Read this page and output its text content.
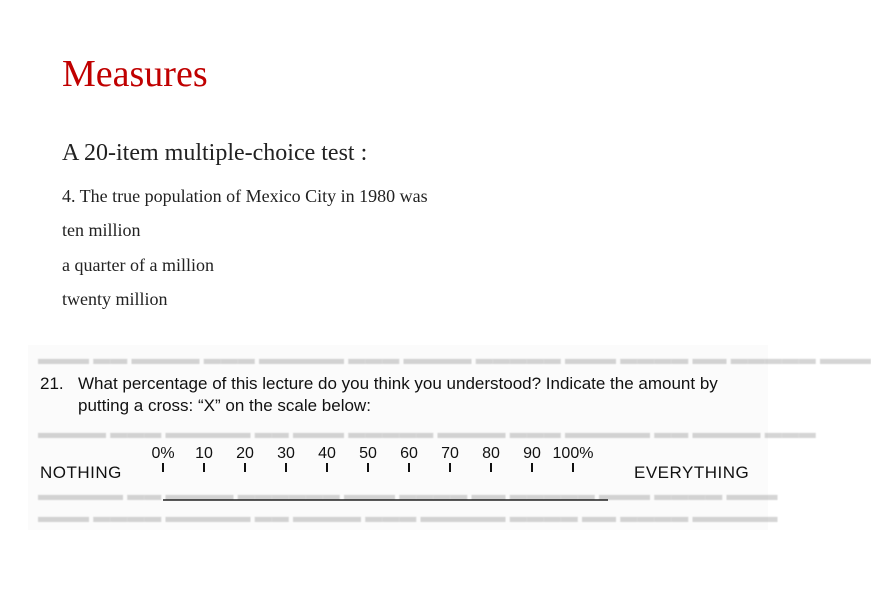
Measures
A 20-item multiple-choice test :
4. The true population of Mexico City in 1980 was
ten million
a quarter of a million
twenty million
▬▬▬ ▬▬ ▬▬▬▬ ▬▬▬ ▬▬▬▬▬ ▬▬▬ ▬▬▬▬ ▬▬▬▬▬ ▬▬▬ ▬▬▬▬ ▬▬ ▬▬▬▬▬ ▬▬▬
▬▬▬▬ ▬▬▬ ▬▬▬▬▬ ▬▬ ▬▬▬ ▬▬▬▬▬ ▬▬▬▬ ▬▬▬ ▬▬▬▬▬ ▬▬ ▬▬▬▬ ▬▬▬
▬▬▬▬▬ ▬▬ ▬▬▬▬ ▬▬▬▬▬▬ ▬▬▬ ▬▬▬▬ ▬▬ ▬▬▬▬▬ ▬▬▬ ▬▬▬▬ ▬▬▬
▬▬▬ ▬▬▬▬ ▬▬▬▬▬ ▬▬ ▬▬▬▬ ▬▬▬ ▬▬▬▬▬ ▬▬▬▬ ▬▬ ▬▬▬▬ ▬▬▬▬▬
21. What percentage of this lecture do you think you understood? Indicate the amount by
putting a cross: “X” on the scale below:
0% 10 20 30 40 50 60 70 80 90 100%
NOTHING	EVERYTHING
